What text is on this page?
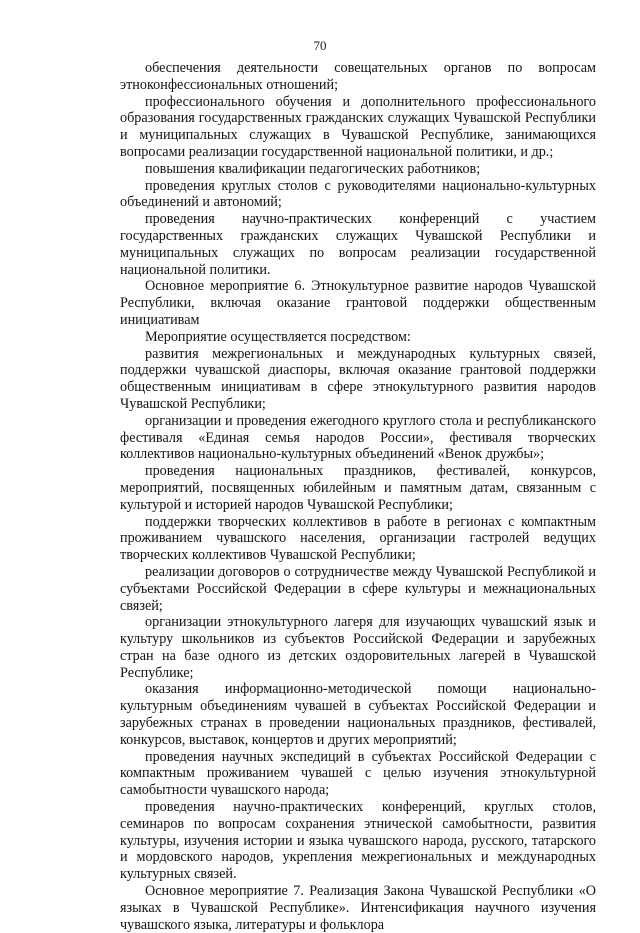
70

обеспечения деятельности совещательных органов по вопросам этноконфессиональных отношений;

профессионального обучения и дополнительного профессионального образования государственных гражданских служащих Чувашской Республики и муниципальных служащих в Чувашской Республике, занимающихся вопросами реализации государственной национальной политики, и др.;

повышения квалификации педагогических работников;

проведения круглых столов с руководителями национально-культурных объединений и автономий;

проведения научно-практических конференций с участием государственных гражданских служащих Чувашской Республики и муниципальных служащих по вопросам реализации государственной национальной политики.

Основное мероприятие 6. Этнокультурное развитие народов Чувашской Республики, включая оказание грантовой поддержки общественным инициативам

Мероприятие осуществляется посредством:

развития межрегиональных и международных культурных связей, поддержки чувашской диаспоры, включая оказание грантовой поддержки общественным инициативам в сфере этнокультурного развития народов Чувашской Республики;

организации и проведения ежегодного круглого стола и республиканского фестиваля «Единая семья народов России», фестиваля творческих коллективов национально-культурных объединений «Венок дружбы»;

проведения национальных праздников, фестивалей, конкурсов, мероприятий, посвященных юбилейным и памятным датам, связанным с культурой и историей народов Чувашской Республики;

поддержки творческих коллективов в работе в регионах с компактным проживанием чувашского населения, организации гастролей ведущих творческих коллективов Чувашской Республики;

реализации договоров о сотрудничестве между Чувашской Республикой и субъектами Российской Федерации в сфере культуры и межнациональных связей;

организации этнокультурного лагеря для изучающих чувашский язык и культуру школьников из субъектов Российской Федерации и зарубежных стран на базе одного из детских оздоровительных лагерей в Чувашской Республике;

оказания информационно-методической помощи национально-культурным объединениям чувашей в субъектах Российской Федерации и зарубежных странах в проведении национальных праздников, фестивалей, конкурсов, выставок, концертов и других мероприятий;

проведения научных экспедиций в субъектах Российской Федерации с компактным проживанием чувашей с целью изучения этнокультурной самобытности чувашского народа;

проведения научно-практических конференций, круглых столов, семинаров по вопросам сохранения этнической самобытности, развития культуры, изучения истории и языка чувашского народа, русского, татарского и мордовского народов, укрепления межрегиональных и международных культурных связей.

Основное мероприятие 7. Реализация Закона Чувашской Республики «О языках в Чувашской Республике». Интенсификация научного изучения чувашского языка, литературы и фольклора
